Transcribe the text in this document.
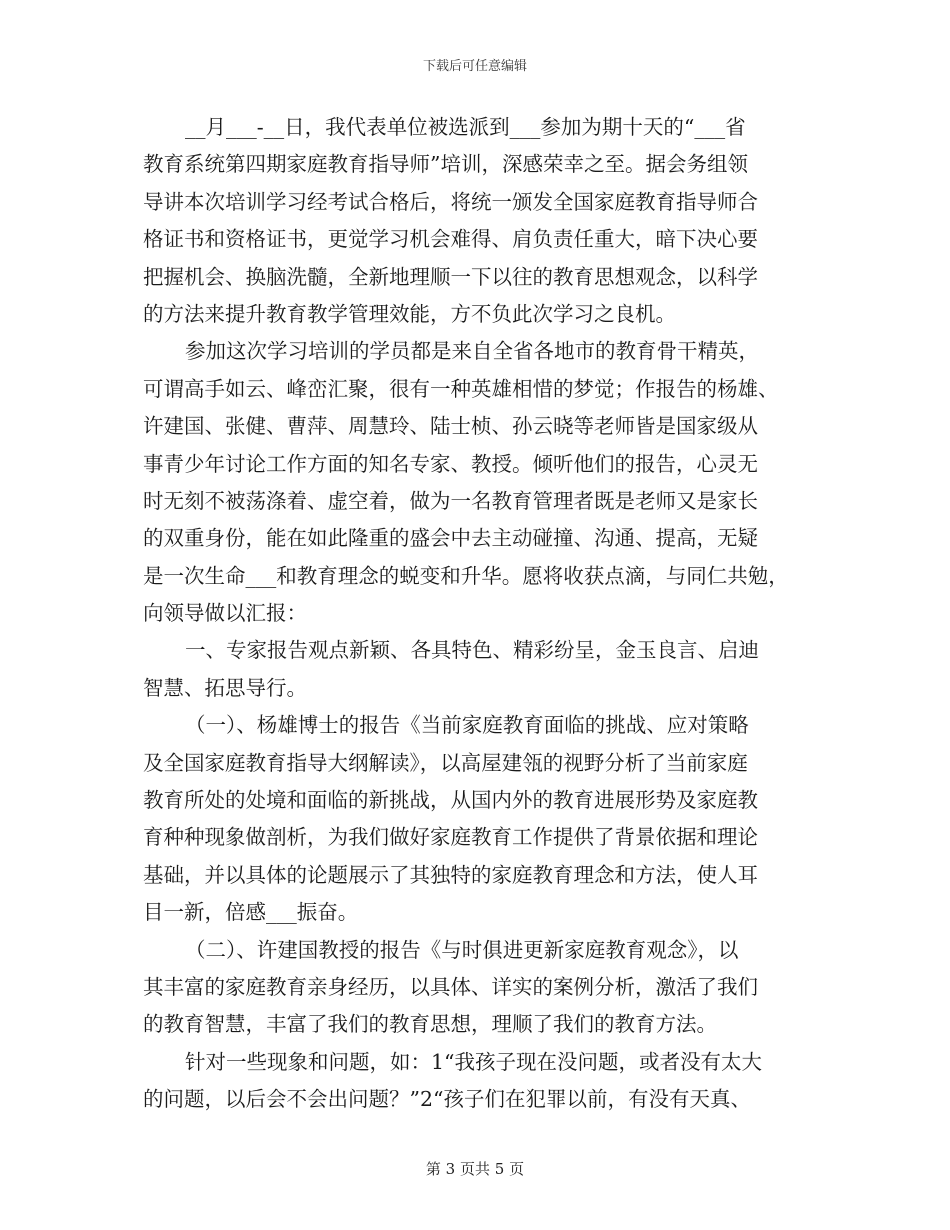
下载后可任意编辑
__月___-__日，我代表单位被选派到___参加为期十天的“___省
教育系统第四期家庭教育指导师”培训，深感荣幸之至。据会务组领
导讲本次培训学习经考试合格后，将统一颁发全国家庭教育指导师合
格证书和资格证书，更觉学习机会难得、肩负责任重大，暗下决心要
把握机会、换脑洗髓，全新地理顺一下以往的教育思想观念，以科学
的方法来提升教育教学管理效能，方不负此次学习之良机。
参加这次学习培训的学员都是来自全省各地市的教育骨干精英，
可谓高手如云、峰峦汇聚，很有一种英雄相惜的梦觉；作报告的杨雄、
许建国、张健、曹萍、周慧玲、陆士桢、孙云晓等老师皆是国家级从
事青少年讨论工作方面的知名专家、教授。倾听他们的报告，心灵无
时无刻不被荡涤着、虚空着，做为一名教育管理者既是老师又是家长
的双重身份，能在如此隆重的盛会中去主动碰撞、沟通、提高，无疑
是一次生命___和教育理念的蜕变和升华。愿将收获点滴，与同仁共勉，
向领导做以汇报：
一、专家报告观点新颖、各具特色、精彩纷呈，金玉良言、启迪
智慧、拓思导行。
（一）、杨雄博士的报告《当前家庭教育面临的挑战、应对策略
及全国家庭教育指导大纲解读》，以高屋建瓴的视野分析了当前家庭
教育所处的处境和面临的新挑战，从国内外的教育进展形势及家庭教
育种种现象做剖析，为我们做好家庭教育工作提供了背景依据和理论
基础，并以具体的论题展示了其独特的家庭教育理念和方法，使人耳
目一新，倍感___振奋。
（二）、许建国教授的报告《与时俱进更新家庭教育观念》，以
其丰富的家庭教育亲身经历，以具体、详实的案例分析，激活了我们
的教育智慧，丰富了我们的教育思想，理顺了我们的教育方法。
针对一些现象和问题，如：1“我孩子现在没问题，或者没有太大
的问题，以后会不会出问题？”2“孩子们在犯罪以前，有没有天真、
第 3 页共 5 页
